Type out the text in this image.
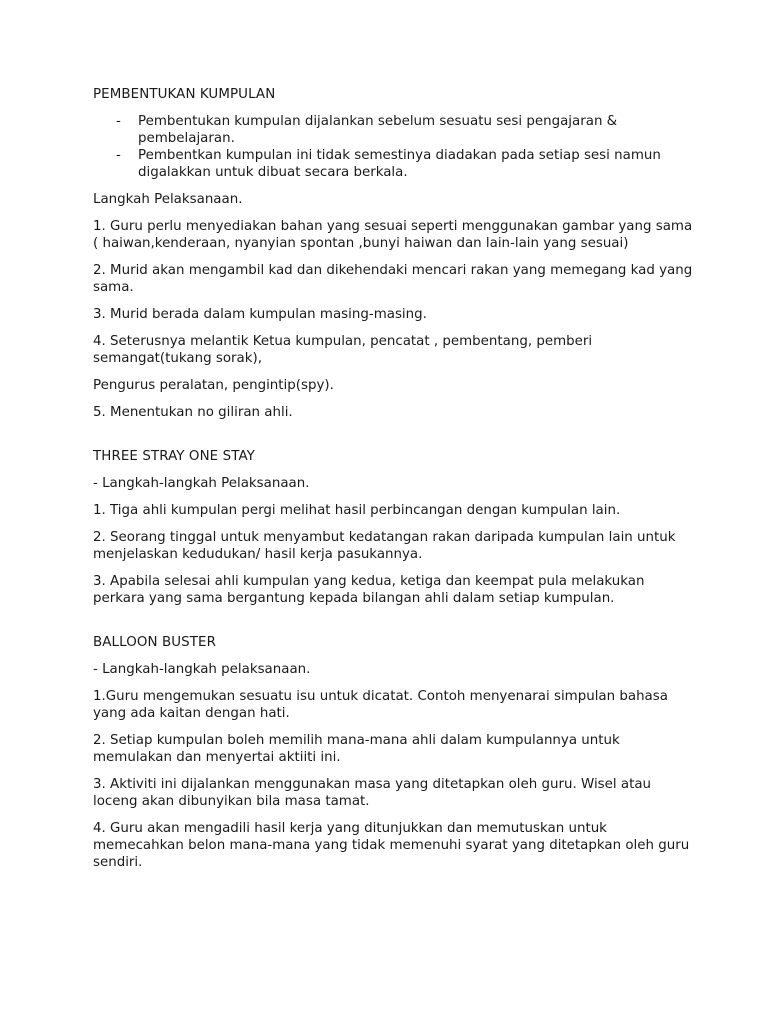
PEMBENTUKAN KUMPULAN
- Pembentukan kumpulan dijalankan sebelum sesuatu sesi pengajaran & pembelajaran.
- Pembentkan kumpulan ini tidak semestinya diadakan pada setiap sesi namun digalakkan untuk dibuat secara berkala.

Langkah Pelaksanaan.

1. Guru perlu menyediakan bahan yang sesuai seperti menggunakan gambar yang sama ( haiwan,kenderaan, nyanyian spontan ,bunyi haiwan dan lain-lain yang sesuai)

2. Murid akan mengambil kad dan dikehendaki mencari rakan yang memegang kad yang sama.

3. Murid berada dalam kumpulan masing-masing.

4. Seterusnya melantik Ketua kumpulan, pencatat , pembentang, pemberi semangat(tukang sorak),

Pengurus peralatan, pengintip(spy).

5. Menentukan no giliran ahli.

THREE STRAY ONE STAY

- Langkah-langkah Pelaksanaan.

1. Tiga ahli kumpulan pergi melihat hasil perbincangan dengan kumpulan lain.

2. Seorang tinggal untuk menyambut kedatangan rakan daripada kumpulan lain untuk menjelaskan kedudukan/ hasil kerja pasukannya.

3. Apabila selesai ahli kumpulan yang kedua, ketiga dan keempat pula melakukan perkara yang sama bergantung kepada bilangan ahli dalam setiap kumpulan.

BALLOON BUSTER

- Langkah-langkah pelaksanaan.

1.Guru mengemukan sesuatu isu untuk dicatat. Contoh menyenarai simpulan bahasa yang ada kaitan dengan hati.

2. Setiap kumpulan boleh memilih mana-mana ahli dalam kumpulannya untuk memulakan dan menyertai aktiiti ini.

3. Aktiviti ini dijalankan menggunakan masa yang ditetapkan oleh guru. Wisel atau loceng akan dibunyikan bila masa tamat.

4. Guru akan mengadili hasil kerja yang ditunjukkan dan memutuskan untuk memecahkan belon mana-mana yang tidak memenuhi syarat yang ditetapkan oleh guru sendiri.
